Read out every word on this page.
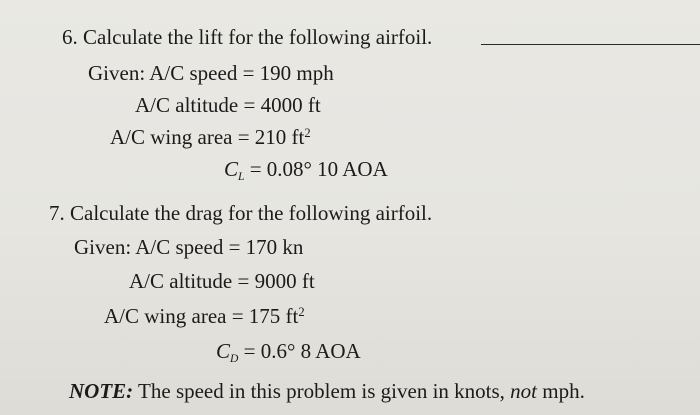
6. Calculate the lift for the following airfoil.
Given: A/C speed = 190 mph
A/C altitude = 4000 ft
A/C wing area = 210 $ft^2$
CL = 0.08° 10 AOA
7. Calculate the drag for the following airfoil.
Given: A/C speed = 170 kn
A/C altitude = 9000 ft
A/C wing area = 175 $ft^2$
CD = 0.6° 8 AOA
NOTE: The speed in this problem is given in knots, not mph.
